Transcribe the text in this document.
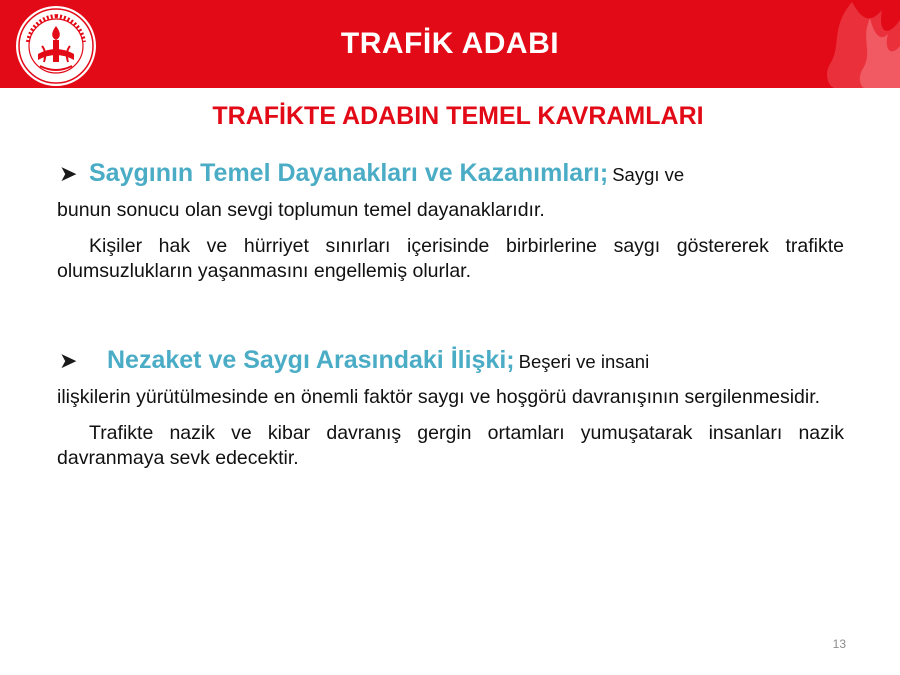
TRAFİK ADABI
TRAFİKTE ADABIN TEMEL KAVRAMLARI
➤ Saygının Temel Dayanakları ve Kazanımları; Saygı ve
bunun sonucu olan sevgi toplumun temel dayanaklarıdır.
Kişiler hak ve hürriyet sınırları içerisinde birbirlerine saygı göstererek trafikte olumsuzlukların yaşanmasını engellemiş olurlar.
➤	Nezaket ve Saygı Arasındaki İlişki; Beşeri ve insani
ilişkilerin yürütülmesinde en önemli faktör saygı ve hoşgörü davranışının sergilenmesidir.
Trafikte nazik ve kibar davranış gergin ortamları yumuşatarak insanları nazik davranmaya sevk edecektir.
13
